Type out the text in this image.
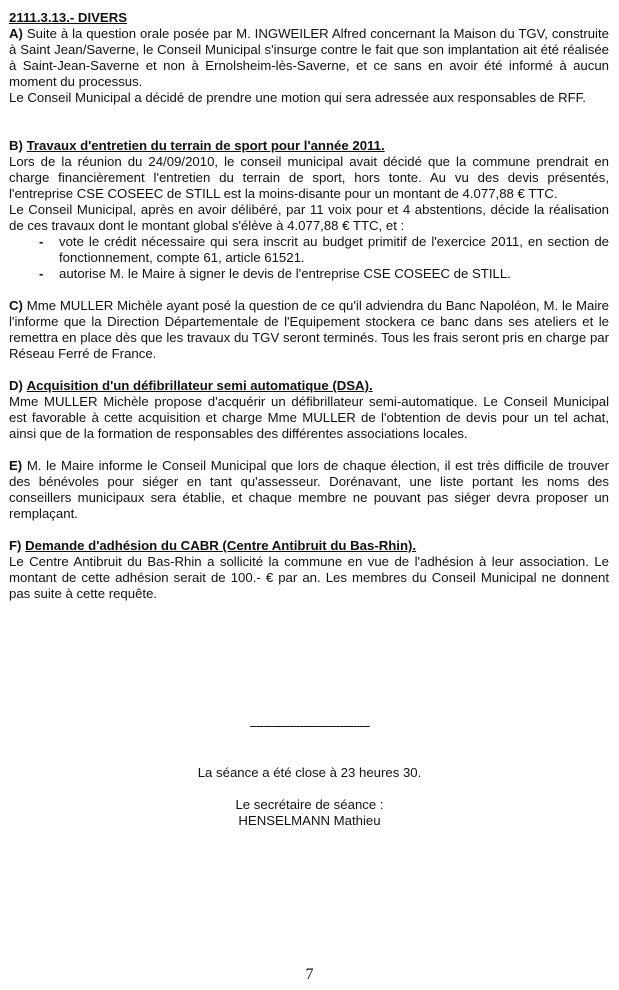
2111.3.13.- DIVERS

A) Suite à la question orale posée par M. INGWEILER Alfred concernant la Maison du TGV, construite à Saint Jean/Saverne, le Conseil Municipal s'insurge contre le fait que son implantation ait été réalisée à Saint-Jean-Saverne et non à Ernolsheim-lès-Saverne, et ce sans en avoir été informé à aucun moment du processus.

Le Conseil Municipal a décidé de prendre une motion qui sera adressée aux responsables de RFF.

B) Travaux d'entretien du terrain de sport pour l'année 2011.

Lors de la réunion du 24/09/2010, le conseil municipal avait décidé que la commune prendrait en charge financièrement l'entretien du terrain de sport, hors tonte. Au vu des devis présentés, l'entreprise CSE COSEEC de STILL est la moins-disante pour un montant de 4.077,88 € TTC.

Le Conseil Municipal, après en avoir délibéré, par 11 voix pour et 4 abstentions, décide la réalisation de ces travaux dont le montant global s'élève à 4.077,88 € TTC, et :

- vote le crédit nécessaire qui sera inscrit au budget primitif de l'exercice 2011, en section de fonctionnement, compte 61, article 61521.
- autorise M. le Maire à signer le devis de l'entreprise CSE COSEEC de STILL.

C) Mme MULLER Michèle ayant posé la question de ce qu'il adviendra du Banc Napoléon, M. le Maire l'informe que la Direction Départementale de l'Equipement stockera ce banc dans ses ateliers et le remettra en place dès que les travaux du TGV seront terminés. Tous les frais seront pris en charge par Réseau Ferré de France.

D) Acquisition d'un défibrillateur semi automatique (DSA).

Mme MULLER Michèle propose d'acquérir un défibrillateur semi-automatique. Le Conseil Municipal est favorable à cette acquisition et charge Mme MULLER de l'obtention de devis pour un tel achat, ainsi que de la formation de responsables des différentes associations locales.

E) M. le Maire informe le Conseil Municipal que lors de chaque élection, il est très difficile de trouver des bénévoles pour siéger en tant qu'assesseur. Dorénavant, une liste portant les noms des conseillers municipaux sera établie, et chaque membre ne pouvant pas siéger devra proposer un remplaçant.

F) Demande d'adhésion du CABR (Centre Antibruit du Bas-Rhin).

Le Centre Antibruit du Bas-Rhin a sollicité la commune en vue de l'adhésion à leur association. Le montant de cette adhésion serait de 100.- € par an. Les membres du Conseil Municipal ne donnent pas suite à cette requête.

------------------------------------

La séance a été close à 23 heures 30.

Le secrétaire de séance :

HENSELMANN Mathieu

7
